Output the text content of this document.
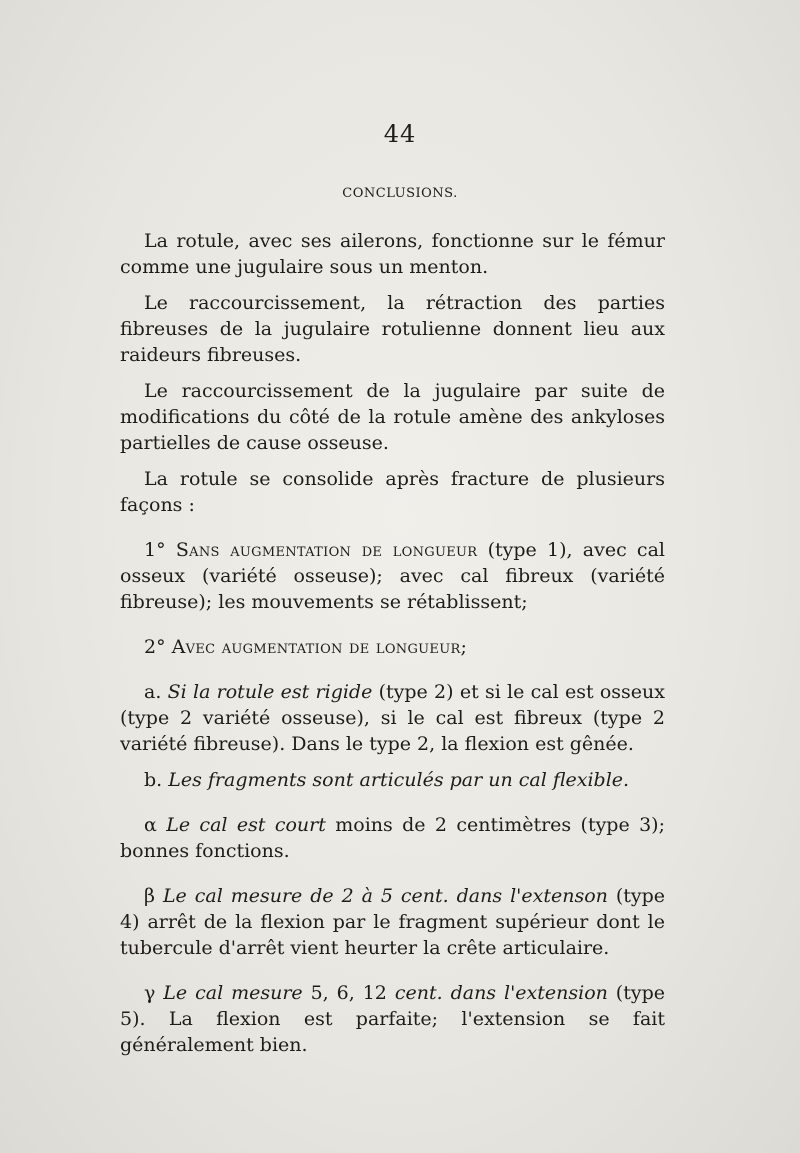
44
CONCLUSIONS.

La rotule, avec ses ailerons, fonctionne sur le fémur comme une jugulaire sous un menton.

Le raccourcissement, la rétraction des parties fibreuses de la jugulaire rotulienne donnent lieu aux raideurs fibreuses.

Le raccourcissement de la jugulaire par suite de modifications du côté de la rotule amène des ankyloses partielles de cause osseuse.

La rotule se consolide après fracture de plusieurs façons :

1° Sans augmentation de longueur (type 1), avec cal osseux (variété osseuse); avec cal fibreux (variété fibreuse); les mouvements se rétablissent;

2° Avec augmentation de longueur;

a. Si la rotule est rigide (type 2) et si le cal est osseux (type 2 variété osseuse), si le cal est fibreux (type 2 variété fibreuse). Dans le type 2, la flexion est gênée.

b. Les fragments sont articulés par un cal flexible.

α Le cal est court moins de 2 centimètres (type 3); bonnes fonctions.

β Le cal mesure de 2 à 5 cent. dans l'extenson (type 4) arrêt de la flexion par le fragment supérieur dont le tubercule d'arrêt vient heurter la crête articulaire.

γ Le cal mesure 5, 6, 12 cent. dans l'extension (type 5). La flexion est parfaite; l'extension se fait généralement bien.
